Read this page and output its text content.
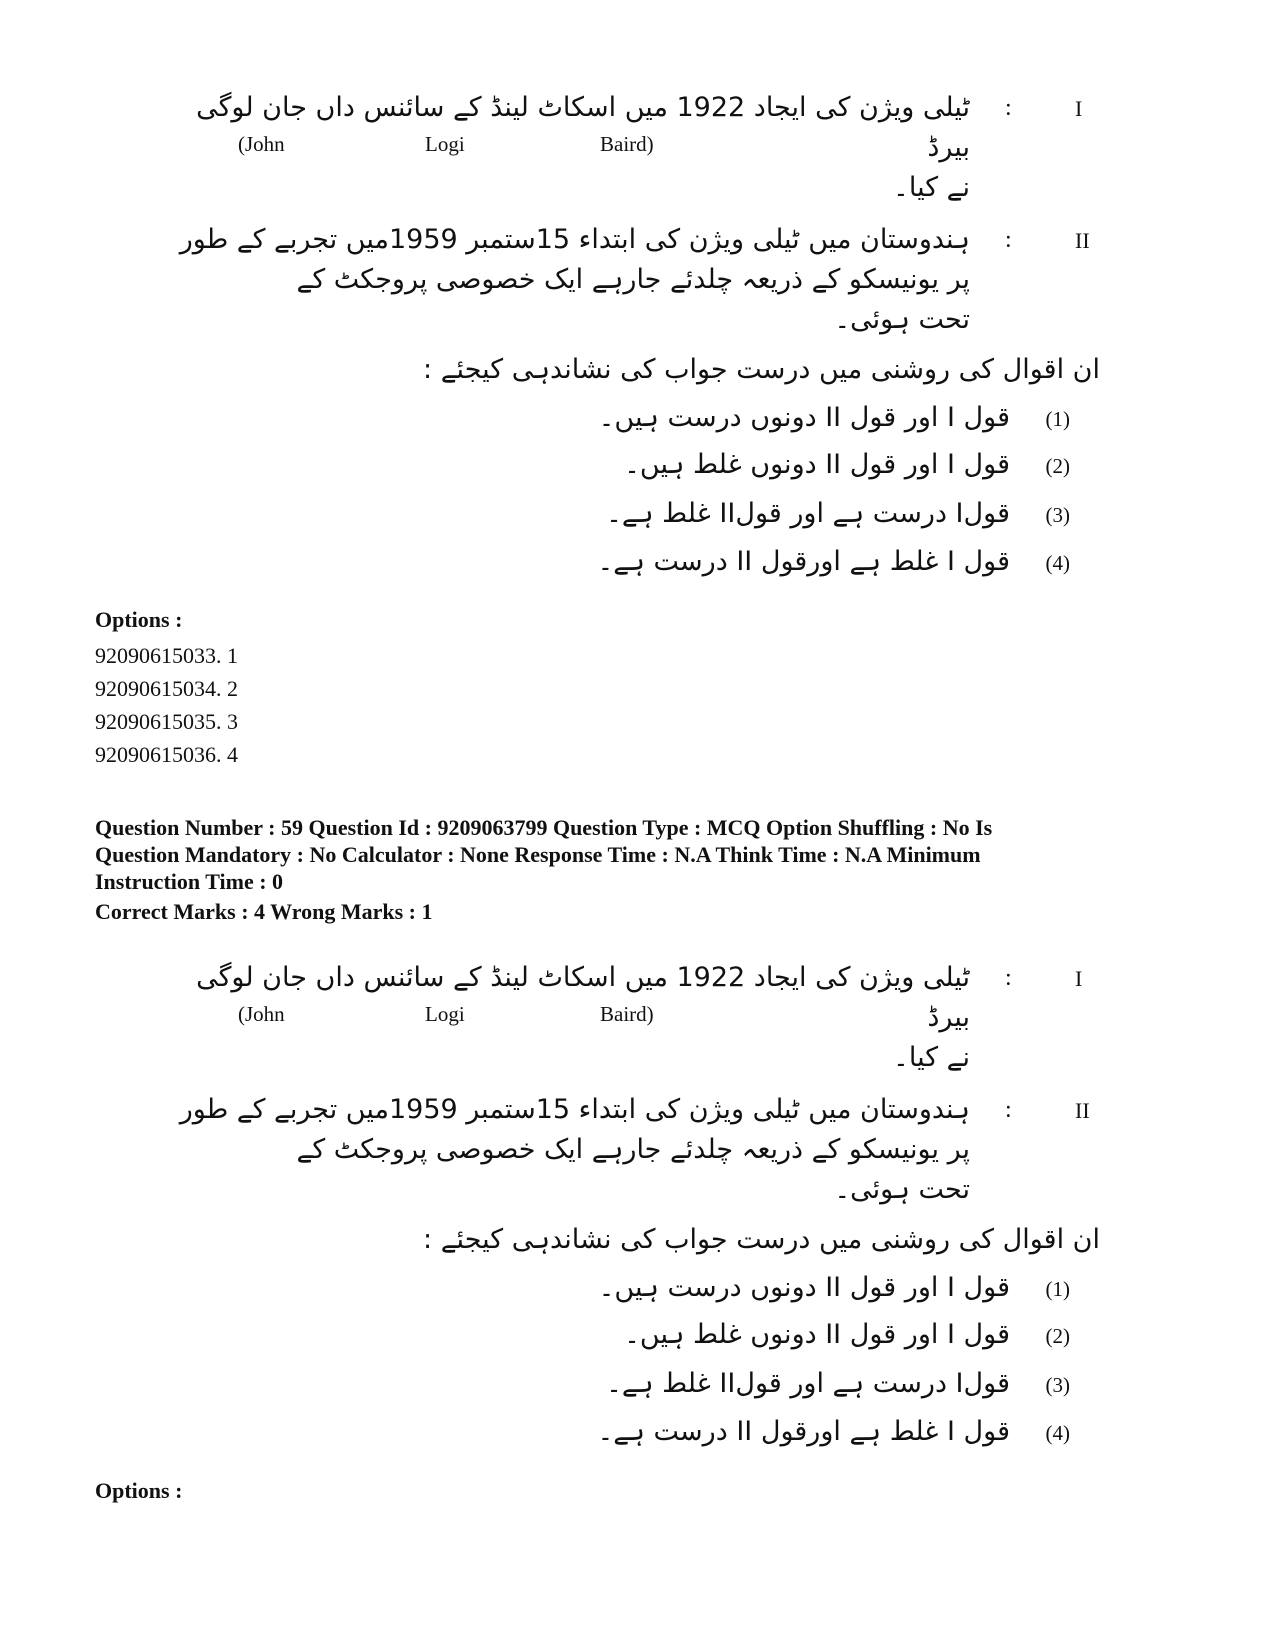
ٹیلی ویژن کی ایجاد 1922 میں اسکاٹ لینڈ کے سائنس داں جان لوگی
بیرڈ
نے کیا۔
(John	Logi	Baird)
:	I
ہندوستان میں ٹیلی ویژن کی ابتداء 15ستمبر 1959میں تجربے کے طور
پر یونیسکو کے ذریعہ چلدئے جارہے ایک خصوصی پروجکٹ کے
تحت ہوئی۔
:	II
ان اقوال کی روشنی میں درست جواب کی نشاندہی کیجئے :
قول I اور قول II دونوں درست ہیں۔ (1)
قول I اور قول II دونوں غلط ہیں۔ (2)
قولI درست ہے اور قولII غلط ہے۔ (3)
قول I غلط ہے اورقول II درست ہے۔ (4)
Options :
92090615033. 1
92090615034. 2
92090615035. 3
92090615036. 4
Question Number : 59 Question Id : 9209063799 Question Type : MCQ Option Shuffling : No Is
Question Mandatory : No Calculator : None Response Time : N.A Think Time : N.A Minimum
Instruction Time : 0
Correct Marks : 4 Wrong Marks : 1
ٹیلی ویژن کی ایجاد 1922 میں اسکاٹ لینڈ کے سائنس داں جان لوگی
بیرڈ
نے کیا۔
(John	Logi	Baird)
:	I
ہندوستان میں ٹیلی ویژن کی ابتداء 15ستمبر 1959میں تجربے کے طور
پر یونیسکو کے ذریعہ چلدئے جارہے ایک خصوصی پروجکٹ کے
تحت ہوئی۔
:	II
ان اقوال کی روشنی میں درست جواب کی نشاندہی کیجئے :
قول I اور قول II دونوں درست ہیں۔ (1)
قول I اور قول II دونوں غلط ہیں۔ (2)
قولI درست ہے اور قولII غلط ہے۔ (3)
قول I غلط ہے اورقول II درست ہے۔ (4)
Options :
